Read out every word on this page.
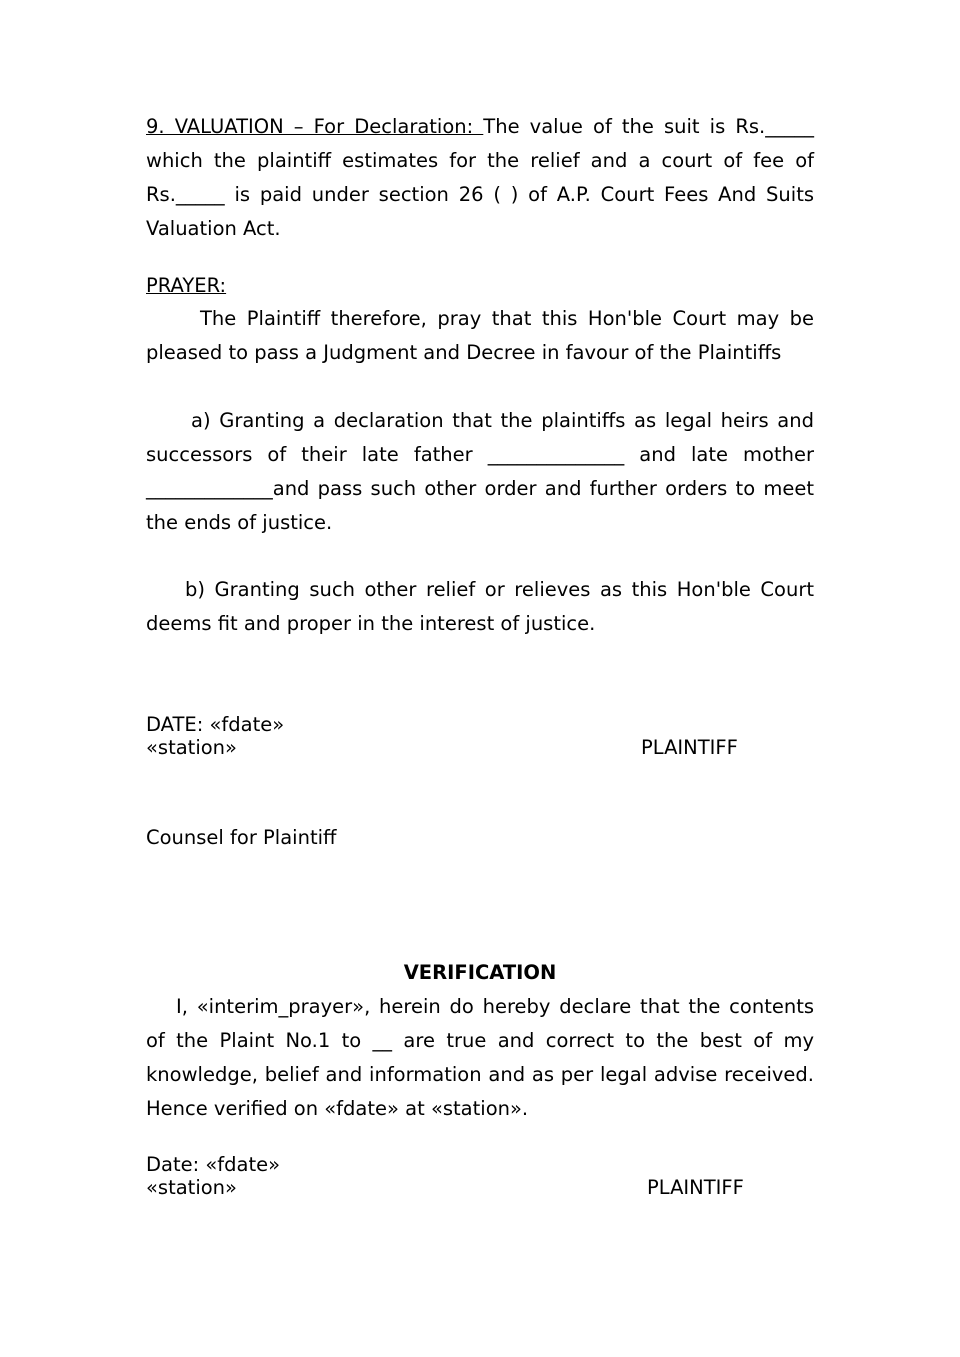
9. VALUATION – For Declaration: The value of the suit is Rs._____ which the plaintiff estimates for the relief and a court of fee of Rs._____ is paid under section 26 ( ) of A.P. Court Fees And Suits Valuation Act.
PRAYER:
The Plaintiff therefore, pray that this Hon'ble Court may be pleased to pass a Judgment and Decree in favour of the Plaintiffs
a) Granting a declaration that the plaintiffs as legal heirs and successors of their late father ______________ and late mother _____________and pass such other order and further orders to meet the ends of justice.
b) Granting such other relief or relieves as this Hon'ble Court deems fit and proper in the interest of justice.
DATE: «fdate»
«station»	PLAINTIFF
Counsel for Plaintiff
VERIFICATION
I, «interim_prayer», herein do hereby declare that the contents of the Plaint No.1 to __ are true and correct to the best of my knowledge, belief and information and as per legal advise received. Hence verified on «fdate» at «station».
Date: «fdate»
«station»	PLAINTIFF
